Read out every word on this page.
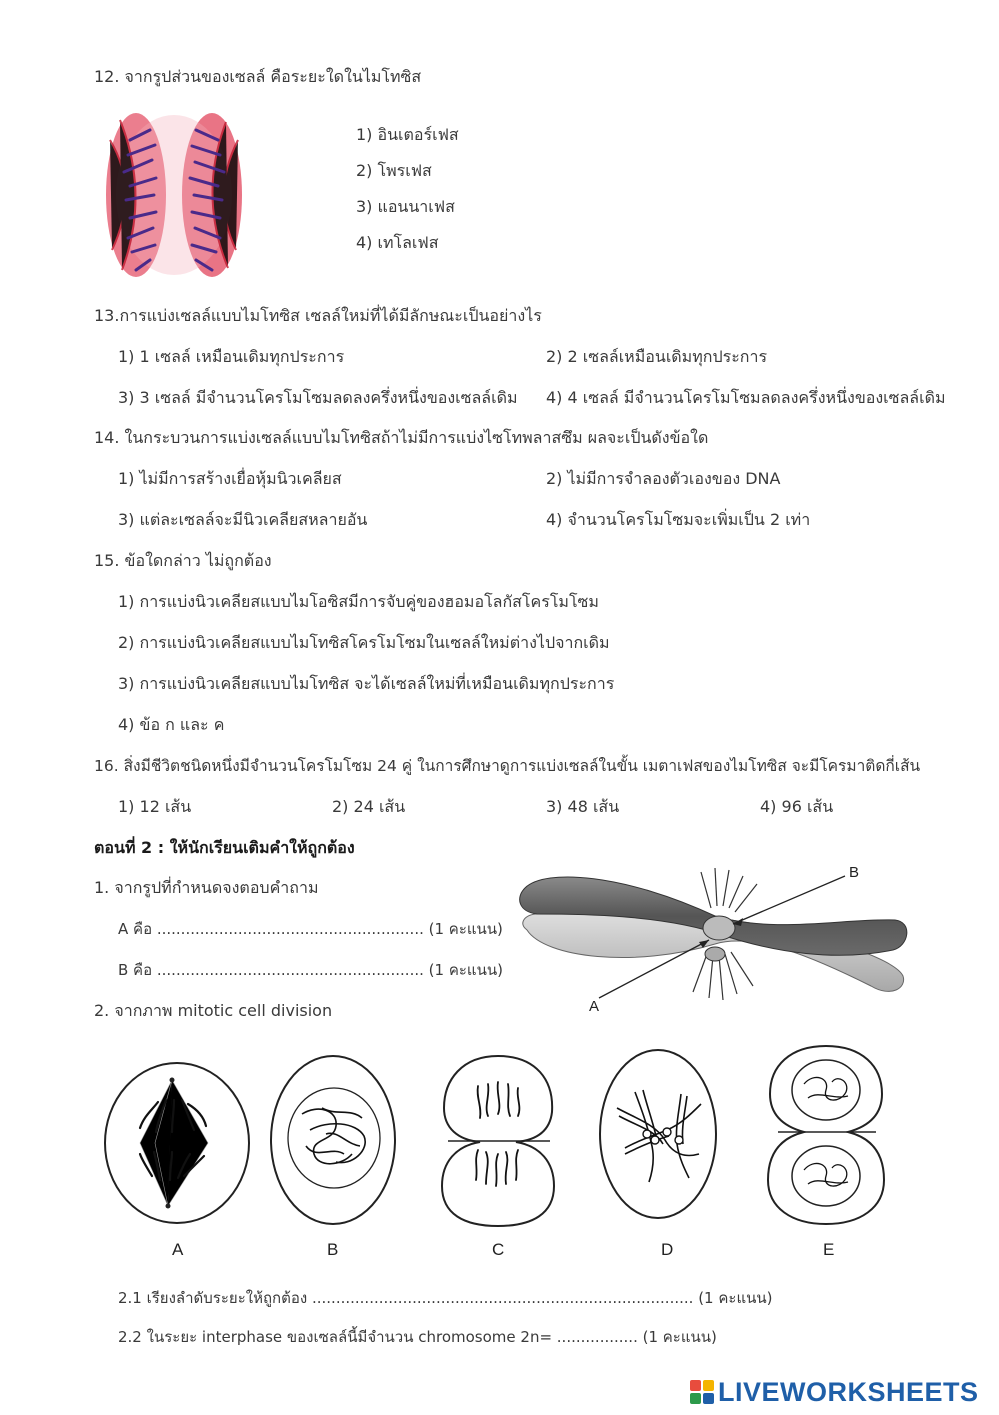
12. จากรูปส่วนของเซลล์ คือระยะใดในไมโทซิส
1) อินเตอร์เฟส
2) โพรเฟส
3) แอนนาเฟส
4) เทโลเฟส
13.การแบ่งเซลล์แบบไมโทซิส เซลล์ใหม่ที่ได้มีลักษณะเป็นอย่างไร
1) 1 เซลล์ เหมือนเดิมทุกประการ	2) 2 เซลล์เหมือนเดิมทุกประการ
3) 3 เซลล์ มีจำนวนโครโมโซมลดลงครึ่งหนึ่งของเซลล์เดิม 4) 4 เซลล์ มีจำนวนโครโมโซมลดลงครึ่งหนึ่งของเซลล์เดิม
14. ในกระบวนการแบ่งเซลล์แบบไมโทซิสถ้าไม่มีการแบ่งไซโทพลาสซึม ผลจะเป็นดังข้อใด
1) ไม่มีการสร้างเยื่อหุ้มนิวเคลียส	2) ไม่มีการจำลองตัวเองของ DNA
3) แต่ละเซลล์จะมีนิวเคลียสหลายอัน	4) จำนวนโครโมโซมจะเพิ่มเป็น 2 เท่า
15. ข้อใดกล่าว ไม่ถูกต้อง
1) การแบ่งนิวเคลียสแบบไมโอซิสมีการจับคู่ของฮอมอโลกัสโครโมโซม
2) การแบ่งนิวเคลียสแบบไมโทซิสโครโมโซมในเซลล์ใหม่ต่างไปจากเดิม
3) การแบ่งนิวเคลียสแบบไมโทซิส จะได้เซลล์ใหม่ที่เหมือนเดิมทุกประการ
4) ข้อ ก และ ค
16. สิ่งมีชีวิตชนิดหนึ่งมีจำนวนโครโมโซม 24 คู่ ในการศึกษาดูการแบ่งเซลล์ในขั้น เมตาเฟสของไมโทซิส จะมีโครมาติดกี่เส้น
1) 12 เส้น	2) 24 เส้น	3) 48 เส้น	4) 96 เส้น
ตอนที่ 2 : ให้นักเรียนเติมคำให้ถูกต้อง
1. จากรูปที่กำหนดจงตอบคำถาม
A คือ ........................................................ (1 คะแนน)
B คือ ........................................................ (1 คะแนน)
2. จากภาพ mitotic cell division
B
A
A	B	C	D	E
2.1 เรียงลำดับระยะให้ถูกต้อง ................................................................................ (1 คะแนน)
2.2 ในระยะ interphase ของเซลล์นี้มีจำนวน chromosome 2n= ................. (1 คะแนน)
LIVEWORKSHEETS
